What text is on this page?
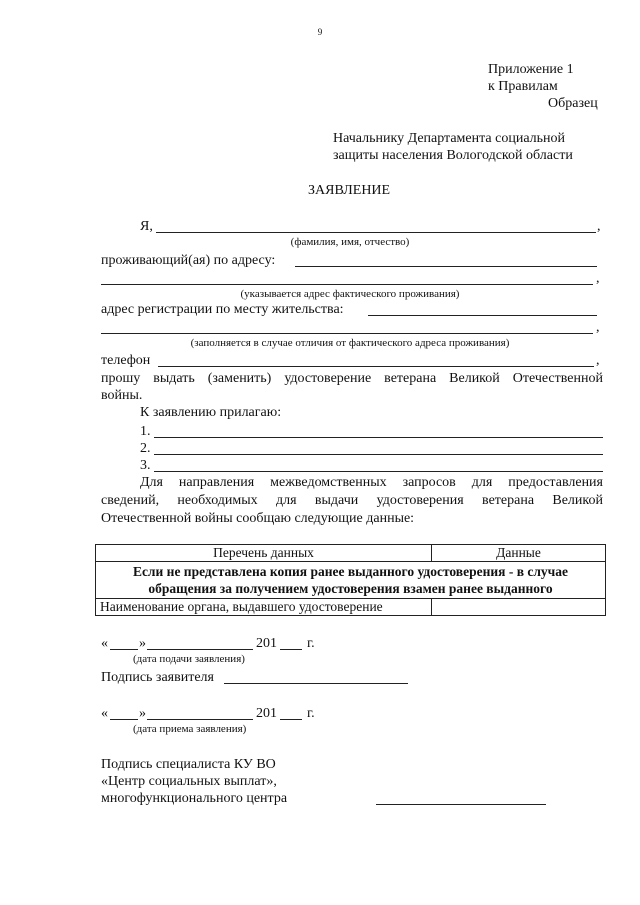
9
Приложение 1
к Правилам
Образец
Начальнику Департамента социальной
защиты населения Вологодской области
ЗАЯВЛЕНИЕ
Я,	,
(фамилия, имя, отчество)
проживающий(ая) по адресу:
,
(указывается адрес фактического проживания)
адрес регистрации по месту жительства:
,
(заполняется в случае отличия от фактического адреса проживания)
телефон	,
прошу выдать (заменить) удостоверение ветерана Великой Отечественной
войны.
К заявлению прилагаю:
1.
2.
3.
Для направления межведомственных запросов для предоставления
сведений, необходимых для выдачи удостоверения ветерана Великой
Отечественной войны сообщаю следующие данные:
Перечень данных	Данные
Если не представлена копия ранее выданного удостоверения - в случае
обращения за получением удостоверения взамен ранее выданного	
Наименование органа, выдавшего удостоверение	
« »	201 г.
(дата подачи заявления)
Подпись заявителя
« »	201 г.
(дата приема заявления)
Подпись специалиста КУ ВО
«Центр социальных выплат»,
многофункционального центра
